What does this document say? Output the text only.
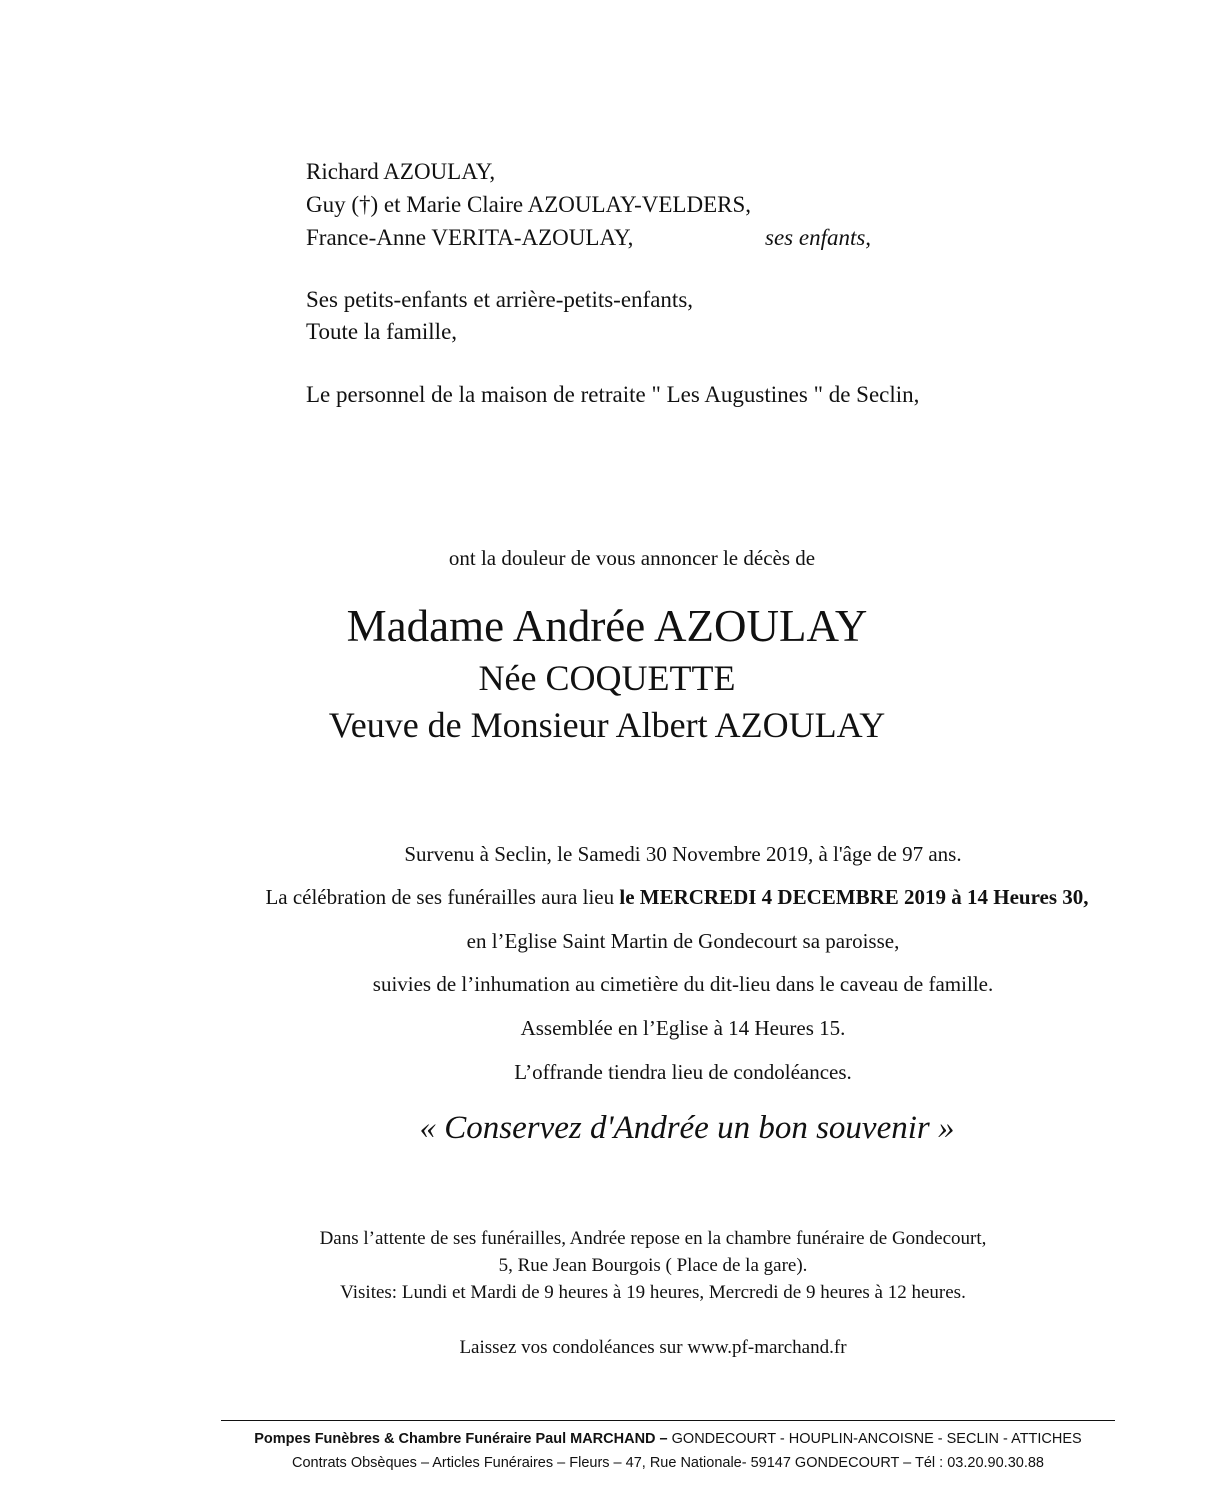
Richard AZOULAY,
Guy (†) et Marie Claire AZOULAY-VELDERS,
France-Anne VERITA-AZOULAY,	ses enfants,
Ses petits-enfants et arrière-petits-enfants,
Toute la famille,
Le personnel de la maison de retraite " Les Augustines " de Seclin,
ont la douleur de vous annoncer le décès de
Madame Andrée AZOULAY
Née COQUETTE
Veuve de Monsieur Albert AZOULAY
Survenu à Seclin, le Samedi 30 Novembre 2019, à l'âge de 97 ans.
La célébration de ses funérailles aura lieu le MERCREDI 4 DECEMBRE 2019 à 14 Heures 30,
en l’Eglise Saint Martin de Gondecourt sa paroisse,
suivies de l’inhumation au cimetière du dit-lieu dans le caveau de famille.
Assemblée en l’Eglise à 14 Heures 15.
L’offrande tiendra lieu de condoléances.
« Conservez d'Andrée un bon souvenir »
Dans l’attente de ses funérailles, Andrée repose en la chambre funéraire de Gondecourt,
5, Rue Jean Bourgois ( Place de la gare).
Visites: Lundi et Mardi de 9 heures à 19 heures, Mercredi de 9 heures à 12 heures.
Laissez vos condoléances sur www.pf-marchand.fr
Pompes Funèbres & Chambre Funéraire Paul MARCHAND – GONDECOURT - HOUPLIN-ANCOISNE - SECLIN - ATTICHES
Contrats Obsèques – Articles Funéraires – Fleurs – 47, Rue Nationale- 59147 GONDECOURT – Tél : 03.20.90.30.88
